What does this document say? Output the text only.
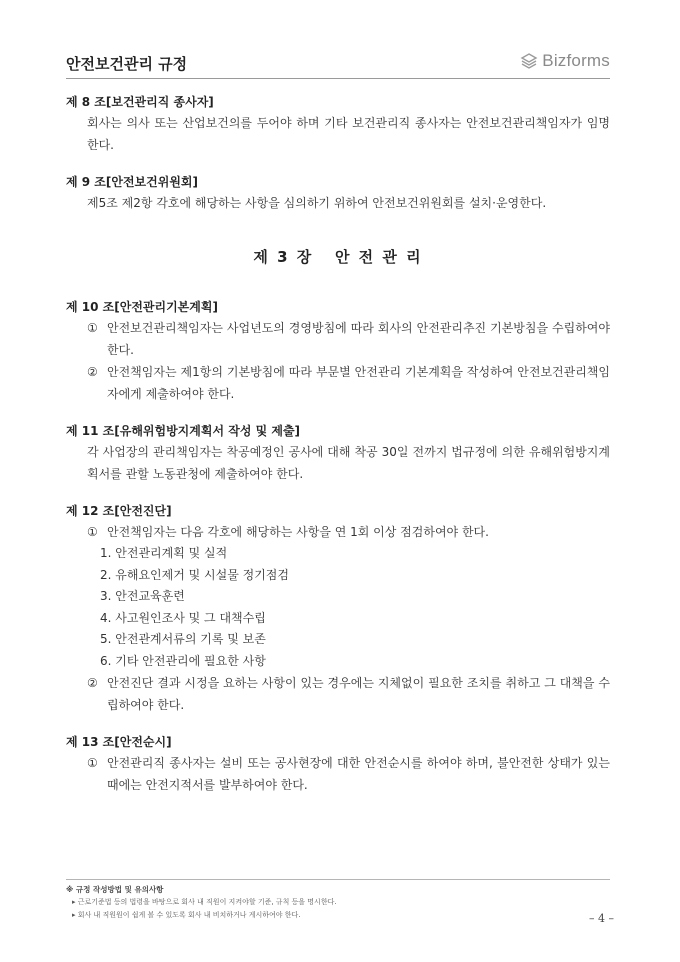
안전보건관리 규정	Bizforms

제 8 조[보건관리직 종사자]

회사는 의사 또는 산업보건의를 두어야 하며 기타 보건관리직 종사자는 안전보건관리책임자가 임명한다.

제 9 조[안전보건위원회]

제5조 제2항 각호에 해당하는 사항을 심의하기 위하여 안전보건위원회를 설치·운영한다.

제 3 장   안 전 관 리

제 10 조[안전관리기본계획]

① 안전보건관리책임자는 사업년도의 경영방침에 따라 회사의 안전관리추진 기본방침을 수립하여야 한다.
② 안전책임자는 제1항의 기본방침에 따라 부문별 안전관리 기본계획을 작성하여 안전보건관리책임자에게 제출하여야 한다.

제 11 조[유해위험방지계획서 작성 및 제출]

각 사업장의 관리책임자는 착공예정인 공사에 대해 착공 30일 전까지 법규정에 의한 유해위험방지계획서를 관할 노동관청에 제출하여야 한다.

제 12 조[안전진단]

① 안전책임자는 다음 각호에 해당하는 사항을 연 1회 이상 점검하여야 한다.
1. 안전관리계획 및 실적
2. 유해요인제거 및 시설물 정기점검
3. 안전교육훈련
4. 사고원인조사 및 그 대책수립
5. 안전관계서류의 기록 및 보존
6. 기타 안전관리에 필요한 사항
② 안전진단 결과 시정을 요하는 사항이 있는 경우에는 지체없이 필요한 조치를 취하고 그 대책을 수립하여야 한다.

제 13 조[안전순시]

① 안전관리직 종사자는 설비 또는 공사현장에 대한 안전순시를 하여야 하며, 불안전한 상태가 있는 때에는 안전지적서를 발부하여야 한다.
※ 규정 작성방법 및 유의사항
▸ 근로기준법 등의 법령을 바탕으로 회사 내 직원이 지켜야할 기준, 규칙 등을 명시한다.
▸ 회사 내 직원원이 쉽게 볼 수 있도록 회사 내 비치하거나 게시하여야 한다.	– 4 –
